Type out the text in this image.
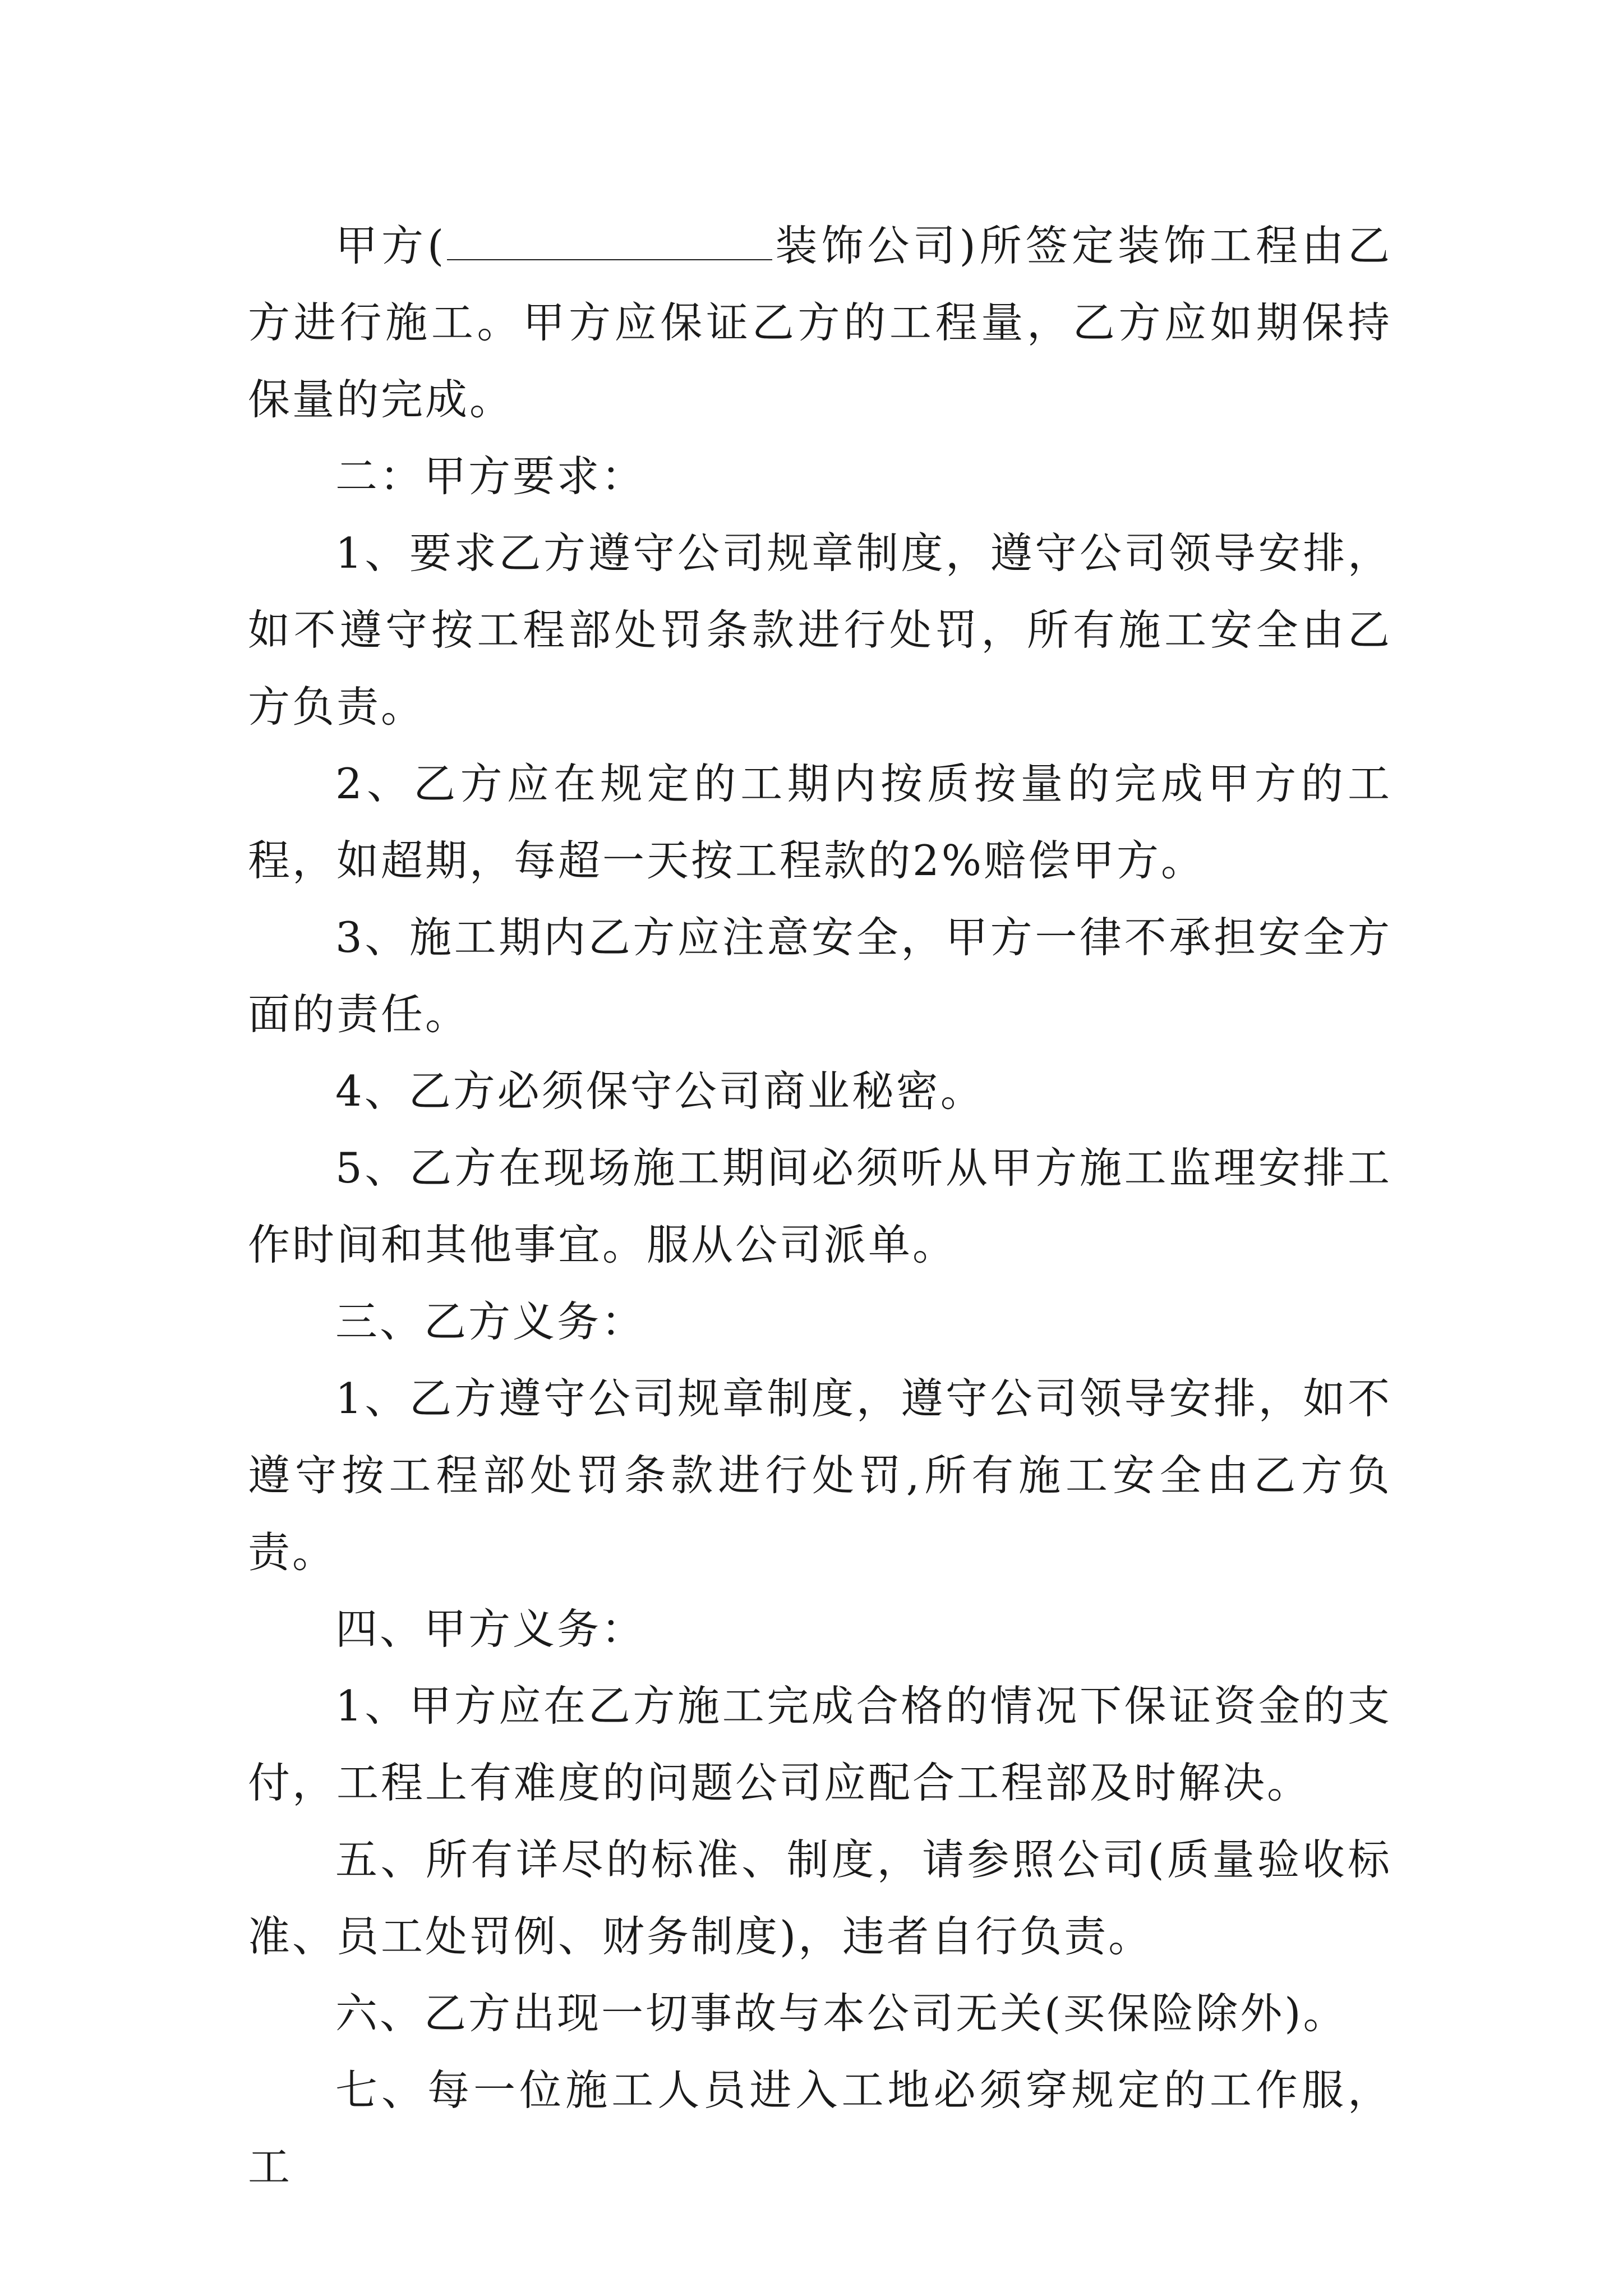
甲方(	装饰公司)所签定装饰工程由乙方进行施工。甲方应保证乙方的工程量，乙方应如期保持保量的完成。

二：甲方要求：

1、要求乙方遵守公司规章制度，遵守公司领导安排，如不遵守按工程部处罚条款进行处罚，所有施工安全由乙方负责。

2、乙方应在规定的工期内按质按量的完成甲方的工程，如超期，每超一天按工程款的2%赔偿甲方。

3、施工期内乙方应注意安全，甲方一律不承担安全方面的责任。

4、乙方必须保守公司商业秘密。

5、乙方在现场施工期间必须听从甲方施工监理安排工作时间和其他事宜。服从公司派单。

三、乙方义务：

1、乙方遵守公司规章制度，遵守公司领导安排，如不遵守按工程部处罚条款进行处罚,所有施工安全由乙方负责。

四、甲方义务：

1、甲方应在乙方施工完成合格的情况下保证资金的支付，工程上有难度的问题公司应配合工程部及时解决。

五、所有详尽的标准、制度，请参照公司(质量验收标准、员工处罚例、财务制度)，违者自行负责。

六、乙方出现一切事故与本公司无关(买保险除外)。

七、每一位施工人员进入工地必须穿规定的工作服，工
